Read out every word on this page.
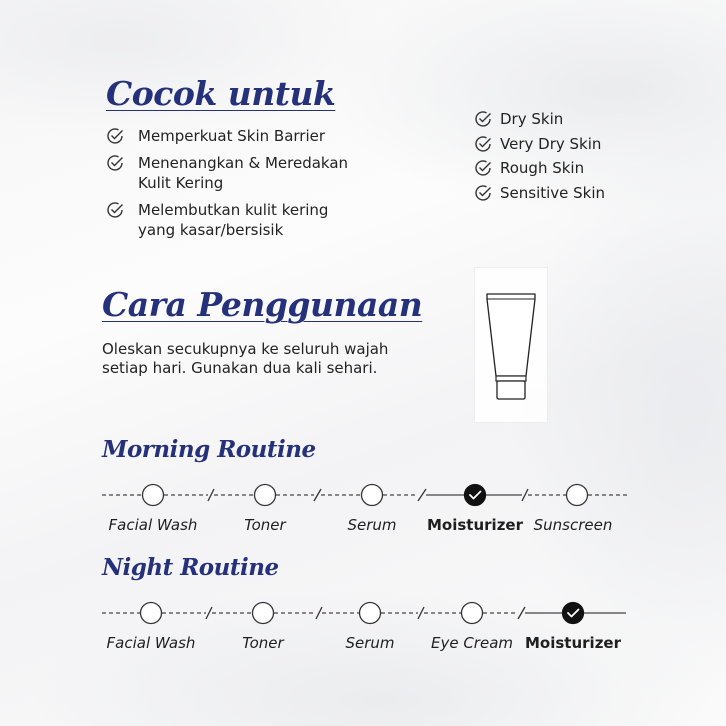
Cocok untuk
Memperkuat Skin Barrier
Menenangkan & Meredakan
Kulit Kering
Melembutkan kulit kering
yang kasar/bersisik
Dry Skin
Very Dry Skin
Rough Skin
Sensitive Skin
Cara Penggunaan
Oleskan secukupnya ke seluruh wajah
setiap hari. Gunakan dua kali sehari.
Morning Routine
Facial Wash	Toner	Serum Moisturizer Sunscreen
Night Routine
Facial Wash	Toner	Serum Eye Cream Moisturizer
